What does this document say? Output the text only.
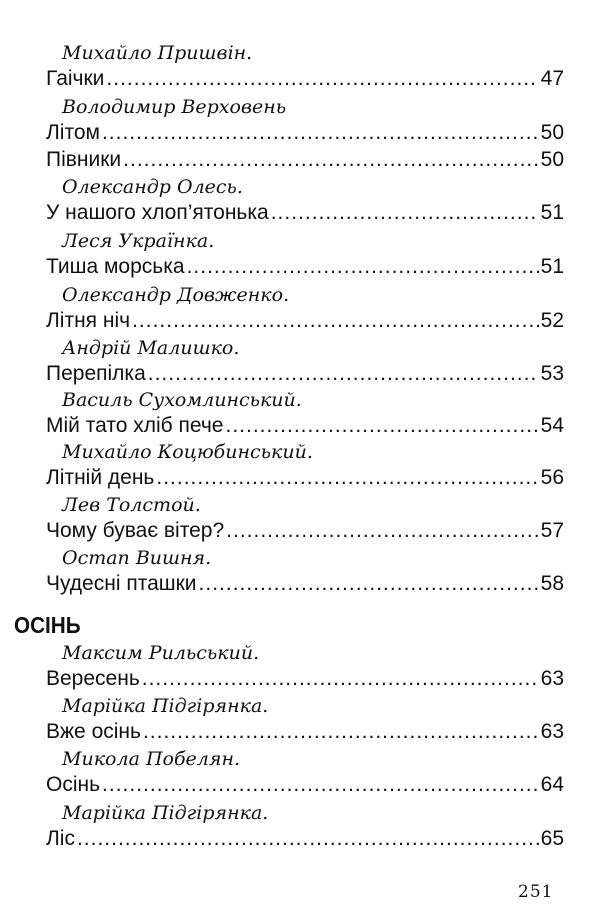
Михайло Пришвін.
Гаічки .....	47
Володимир Верховень
Літом .....	50
Півники .....	50
Олександр Олесь.
У нашого хлоп’ятонька .....	51
Леся Українка.
Тиша морська .....	51
Олександр Довженко.
Літня ніч .....	52
Андрій Малишко.
Перепілка .....	53
Василь Сухомлинський.
Мій тато хліб пече .....	54
Михайло Коцюбинський.
Літній день .....	56
Лев Толстой.
Чому буває вітер? .....	57
Остап Вишня.
Чудесні пташки .....	58
ОСІНЬ
Максим Рильський.
Вересень .....	63
Марійка Підгірянка.
Вже осінь .....	63
Микола Побелян.
Осінь .....	64
Марійка Підгірянка.
Ліс .....	65
251
